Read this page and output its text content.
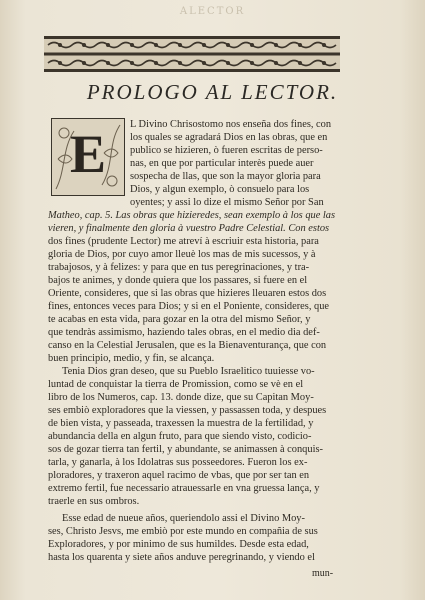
ALECTOR
PROLOGO AL LECTOR.
E	L Divino Chrisostomo nos enseña dos fines, con
los quales se agradará Dios en las obras, que en
publico se hizieren, ò fueren escritas de perso-
nas, en que por particular interès puede auer
sospecha de llas, que son la mayor gloria para
Dios, y algun exemplo, ò consuelo para los
oyentes; y assi lo dize el mismo Señor por San
Matheo, cap. 5. Las obras que hizieredes, sean exemplo à los que las
vieren, y finalmente den gloria à vuestro Padre Celestial. Con estos
dos fines (prudente Lector) me atreví à escriuir esta historia, para
gloria de Dios, por cuyo amor lleuè los mas de mis sucessos, y à
trabajosos, y à felizes: y para que en tus peregrinaciones, y tra-
bajos te animes, y donde quiera que los passares, si fuere en el
Oriente, consideres, que si las obras que hizieres lleuaren estos dos
fines, entonces veces para Dios; y si en el Poniente, consideres, que
te acabas en esta vida, para gozar en la otra del mismo Señor, y
que tendràs assimismo, haziendo tales obras, en el medio dia def-
canso en la Celestial Jerusalen, que es la Bienaventurança, que con
buen principio, medio, y fin, se alcança.
Tenia Dios gran deseo, que su Pueblo Israelitico tuuiesse vo-
luntad de conquistar la tierra de Promission, como se vè en el
libro de los Numeros, cap. 13. donde dize, que su Capitan Moy-
ses embiò exploradores que la viessen, y passassen toda, y despues
de bien vista, y passeada, traxessen la muestra de la fertilidad, y
abundancia della en algun fruto, para que siendo visto, codicio-
sos de gozar tierra tan fertil, y abundante, se animassen à conquis-
tarla, y ganarla, à los Idolatras sus posseedores. Fueron los ex-
ploradores, y traxeron aquel racimo de vbas, que por ser tan en
extremo fertil, fue necessario atrauessarle en vna gruessa lança, y
traerle en sus ombros.
Esse edad de nueue años, queriendolo assi el Divino Moy-
ses, Christo Jesvs, me embiò por este mundo en compañia de sus
Exploradores, y por minimo de sus humildes. Desde esta edad,
hasta los quarenta y siete años anduve peregrinando, y viendo el
mun-
